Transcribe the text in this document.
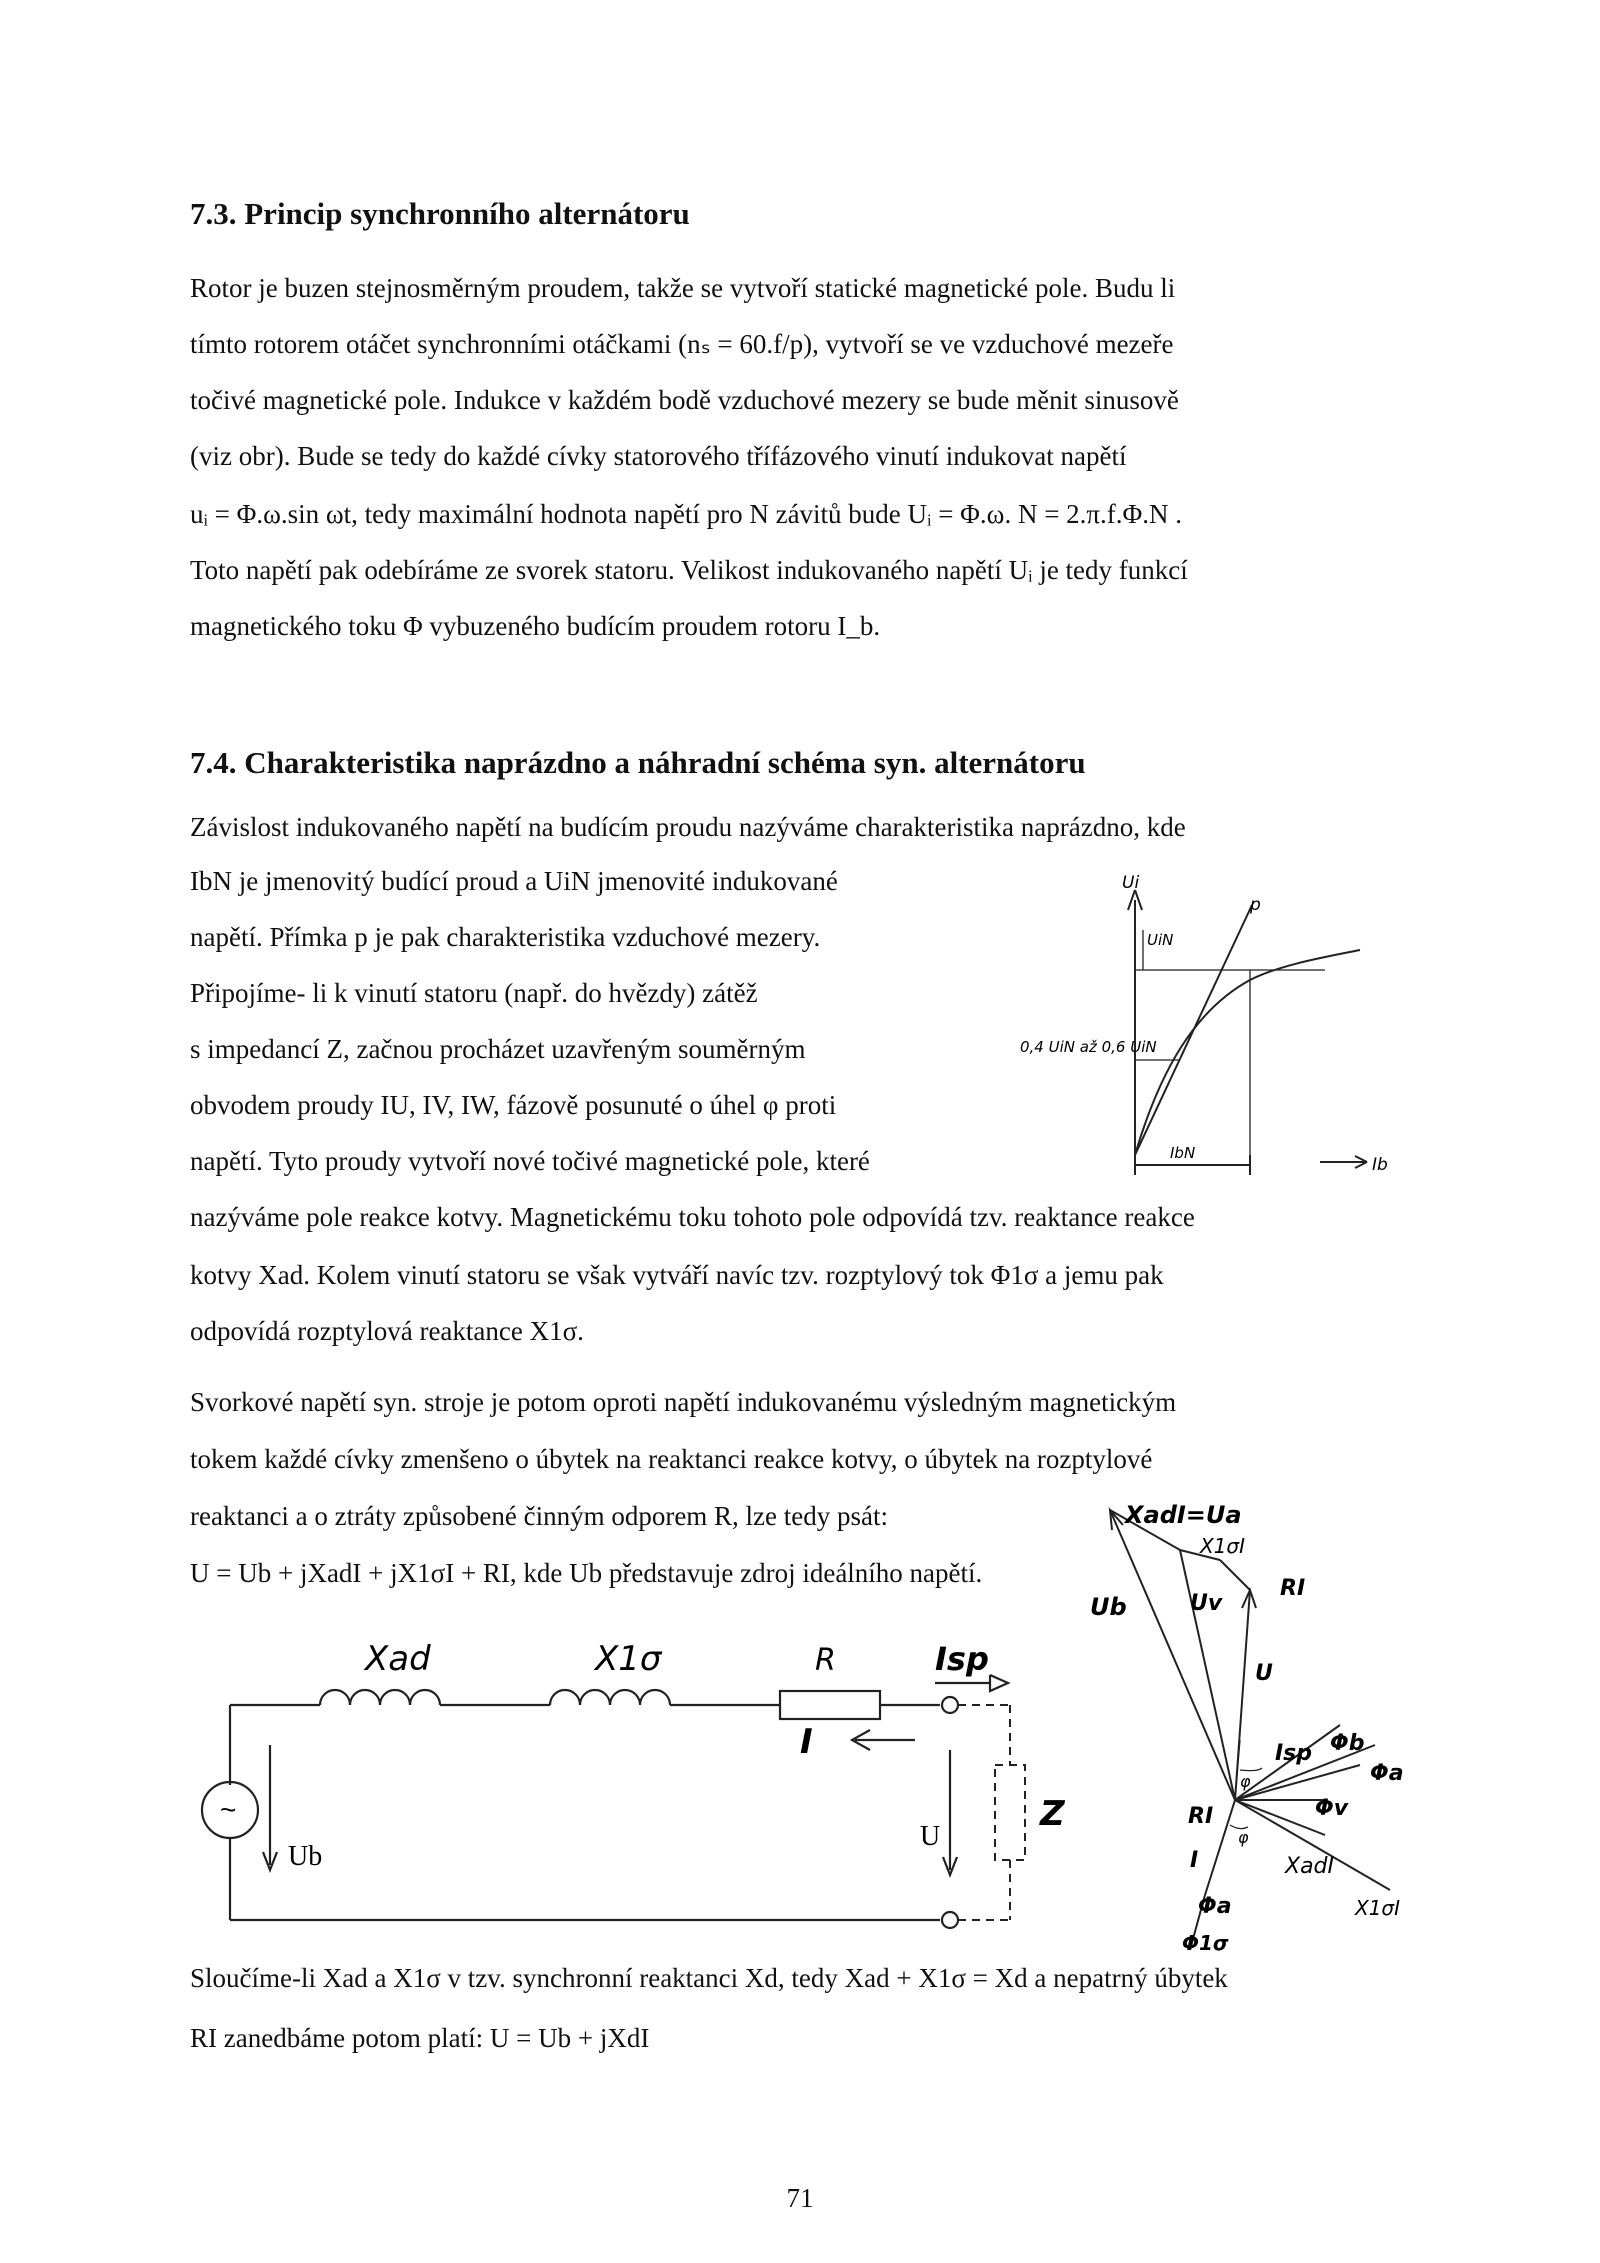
7.3. Princip synchronního alternátoru
Rotor je buzen stejnosměrným proudem, takže se vytvoří statické magnetické pole. Budu li
tímto rotorem otáčet synchronními otáčkami (nₛ = 60.f/p), vytvoří se ve vzduchové mezeře
točivé magnetické pole. Indukce v každém bodě vzduchové mezery se bude měnit sinusově
(viz obr). Bude se tedy do každé cívky statorového třífázového vinutí indukovat napětí
uᵢ = Φ.ω.sin ωt, tedy maximální hodnota napětí pro N závitů bude Uᵢ = Φ.ω. N = 2.π.f.Φ.N .
Toto napětí pak odebíráme ze svorek statoru. Velikost indukovaného napětí Uᵢ je tedy funkcí
magnetického toku Φ vybuzeného budícím proudem rotoru I_b.
7.4. Charakteristika naprázdno a náhradní schéma syn. alternátoru
Závislost indukovaného napětí na budícím proudu nazýváme charakteristika naprázdno, kde
IbN je jmenovitý budící proud a UiN jmenovité indukované
napětí. Přímka p je pak charakteristika vzduchové mezery.
Připojíme- li k vinutí statoru (např. do hvězdy) zátěž
s impedancí Z, začnou procházet uzavřeným souměrným
obvodem proudy IU, IV, IW, fázově posunuté o úhel φ proti
napětí. Tyto proudy vytvoří nové točivé magnetické pole, které
nazýváme pole reakce kotvy. Magnetickému toku tohoto pole odpovídá tzv. reaktance reakce
kotvy Xad. Kolem vinutí statoru se však vytváří navíc tzv. rozptylový tok Φ1σ a jemu pak
odpovídá rozptylová reaktance X1σ.
Svorkové napětí syn. stroje je potom oproti napětí indukovanému výsledným magnetickým
tokem každé cívky zmenšeno o úbytek na reaktanci reakce kotvy, o úbytek na rozptylové
reaktanci a o ztráty způsobené činným odporem R, lze tedy psát:
U = Ub + jXadI + jX1σI + RI, kde Ub představuje zdroj ideálního napětí.
Sloučíme-li Xad a X1σ v tzv. synchronní reaktanci Xd, tedy Xad + X1σ = Xd a nepatrný úbytek
RI zanedbáme potom platí: U = Ub + jXdI
Ui
p
UiN
0,4 UiN až 0,6 UiN
IbN
Ib
~
Xad	X1σ	R	Isp
I
Z
U
Ub
XadI=Ua
X1σI
RI
Ub	Uv
U
Isp Φb
Φa
Φv
RI
φ
φ
I	XadI
X1σI
Φa
Φ1σ
71
